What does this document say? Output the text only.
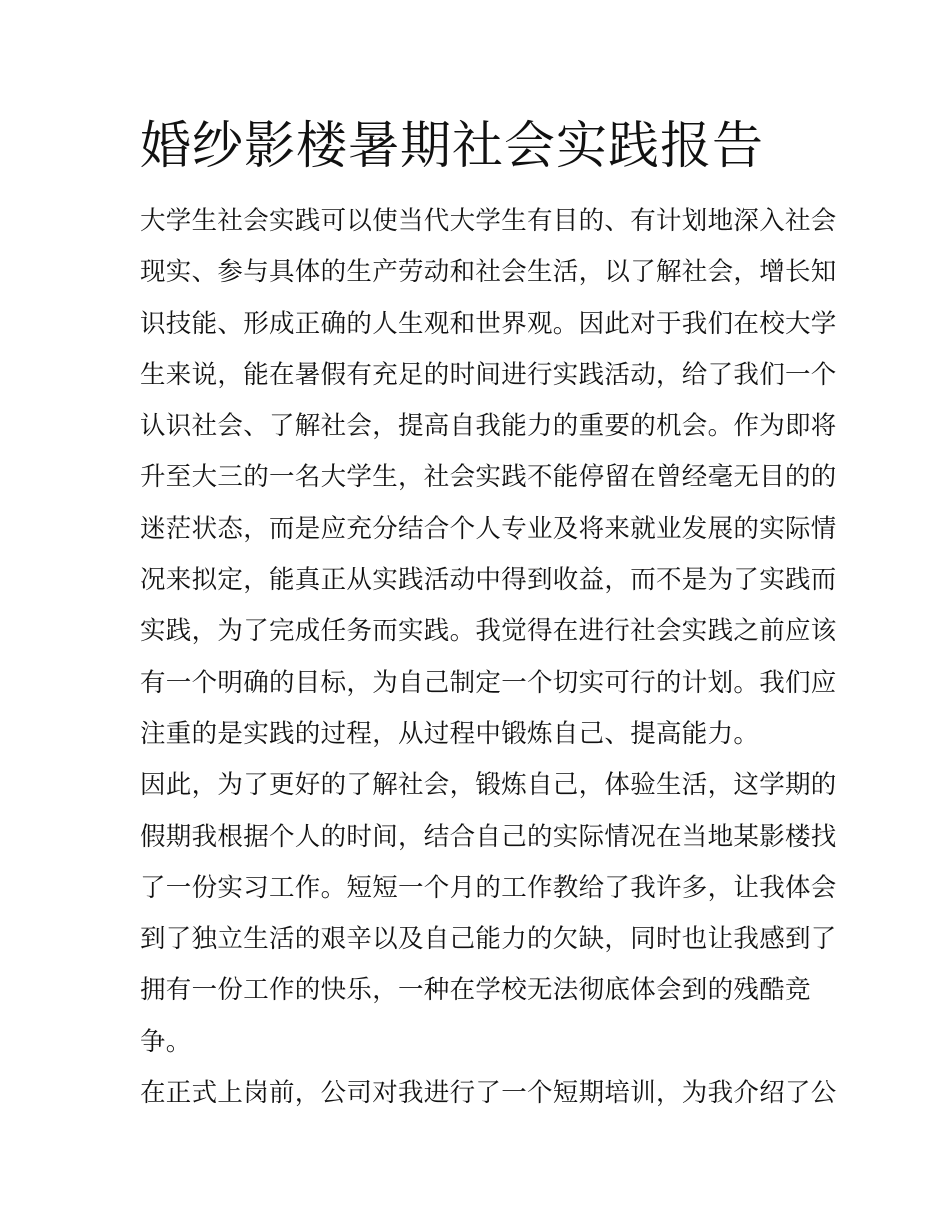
婚纱影楼暑期社会实践报告
大学生社会实践可以使当代大学生有目的、有计划地深入社会
现实、参与具体的生产劳动和社会生活，以了解社会，增长知
识技能、形成正确的人生观和世界观。因此对于我们在校大学
生来说，能在暑假有充足的时间进行实践活动，给了我们一个
认识社会、了解社会，提高自我能力的重要的机会。作为即将
升至大三的一名大学生，社会实践不能停留在曾经毫无目的的
迷茫状态，而是应充分结合个人专业及将来就业发展的实际情
况来拟定，能真正从实践活动中得到收益，而不是为了实践而
实践，为了完成任务而实践。我觉得在进行社会实践之前应该
有一个明确的目标，为自己制定一个切实可行的计划。我们应
注重的是实践的过程，从过程中锻炼自己、提高能力。
因此，为了更好的了解社会，锻炼自己，体验生活，这学期的
假期我根据个人的时间，结合自己的实际情况在当地某影楼找
了一份实习工作。短短一个月的工作教给了我许多，让我体会
到了独立生活的艰辛以及自己能力的欠缺，同时也让我感到了
拥有一份工作的快乐，一种在学校无法彻底体会到的残酷竞
争。
在正式上岗前，公司对我进行了一个短期培训，为我介绍了公
